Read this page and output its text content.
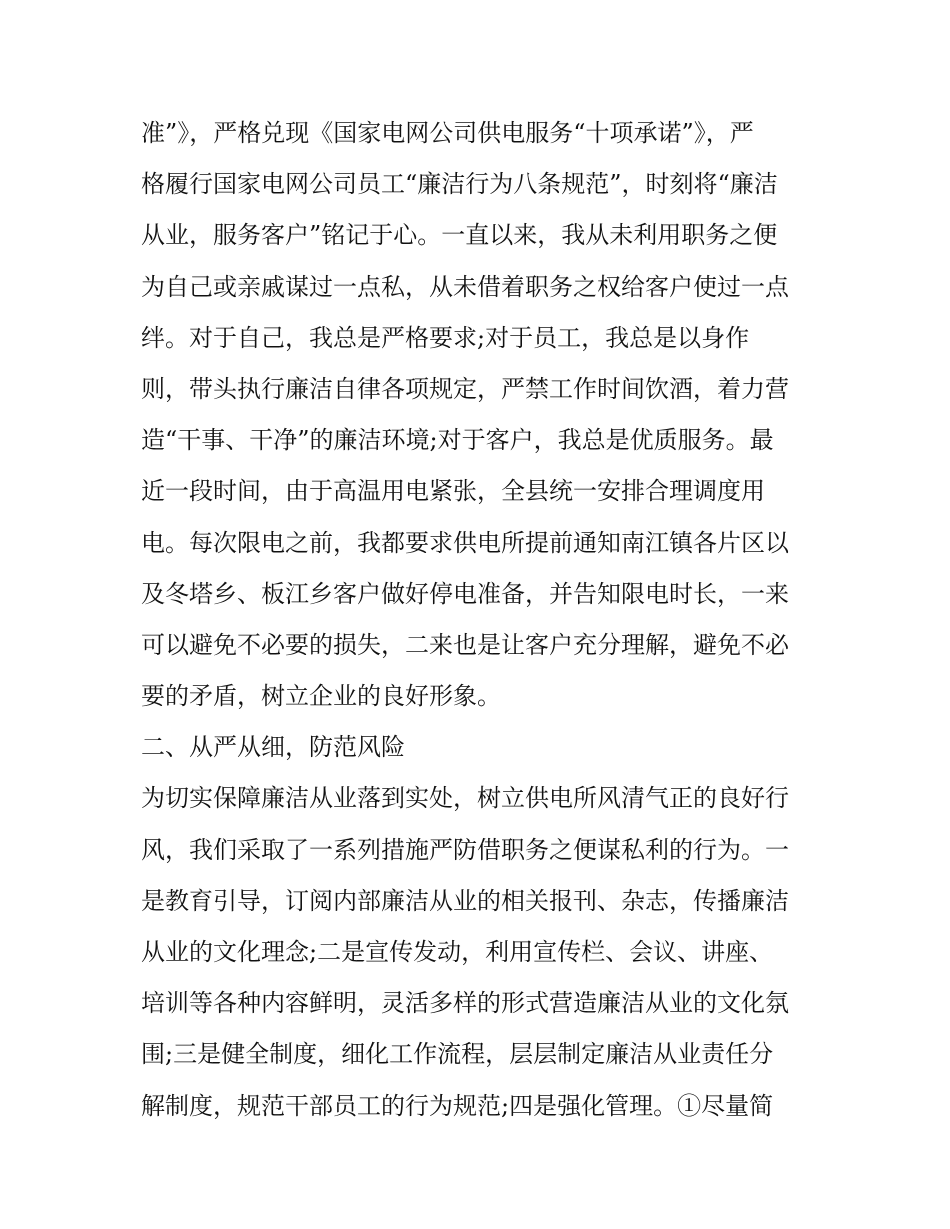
准”》，严格兑现《国家电网公司供电服务“十项承诺”》，严
格履行国家电网公司员工“廉洁行为八条规范”，时刻将“廉洁
从业，服务客户”铭记于心。一直以来，我从未利用职务之便
为自己或亲戚谋过一点私，从未借着职务之权给客户使过一点
绊。对于自己，我总是严格要求;对于员工，我总是以身作
则，带头执行廉洁自律各项规定，严禁工作时间饮酒，着力营
造“干事、干净”的廉洁环境;对于客户，我总是优质服务。最
近一段时间，由于高温用电紧张，全县统一安排合理调度用
电。每次限电之前，我都要求供电所提前通知南江镇各片区以
及冬塔乡、板江乡客户做好停电准备，并告知限电时长，一来
可以避免不必要的损失，二来也是让客户充分理解，避免不必
要的矛盾，树立企业的良好形象。
二、从严从细，防范风险
为切实保障廉洁从业落到实处，树立供电所风清气正的良好行
风，我们采取了一系列措施严防借职务之便谋私利的行为。一
是教育引导，订阅内部廉洁从业的相关报刊、杂志，传播廉洁
从业的文化理念;二是宣传发动，利用宣传栏、会议、讲座、
培训等各种内容鲜明，灵活多样的形式营造廉洁从业的文化氛
围;三是健全制度，细化工作流程，层层制定廉洁从业责任分
解制度，规范干部员工的行为规范;四是强化管理。①尽量简
